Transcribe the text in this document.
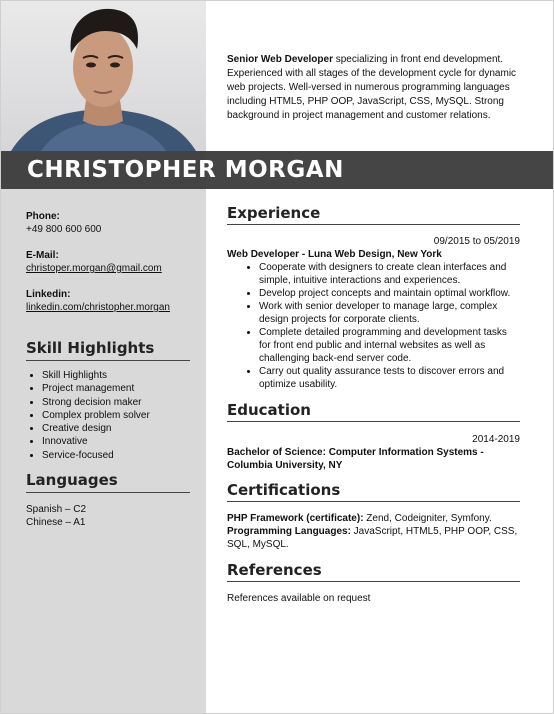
Senior Web Developer specializing in front end development. Experienced with all stages of the development cycle for dynamic web projects. Well-versed in numerous programming languages including HTML5, PHP OOP, JavaScript, CSS, MySQL. Strong background in project management and customer relations.
CHRISTOPHER MORGAN
Phone:
+49 800 600 600
E-Mail:
christoper.morgan@gmail.com
Linkedin:
linkedin.com/christopher.morgan
Skill Highlights
• Skill Highlights
• Project management
• Strong decision maker
• Complex problem solver
• Creative design
• Innovative
• Service-focused
Languages
Spanish – C2
Chinese – A1
Experience
09/2015 to 05/2019
Web Developer - Luna Web Design, New York
• Cooperate with designers to create clean interfaces and simple, intuitive interactions and experiences.
• Develop project concepts and maintain optimal workflow.
• Work with senior developer to manage large, complex design projects for corporate clients.
• Complete detailed programming and development tasks for front end public and internal websites as well as challenging back-end server code.
• Carry out quality assurance tests to discover errors and optimize usability.
Education
2014-2019
Bachelor of Science: Computer Information Systems - Columbia University, NY
Certifications
PHP Framework (certificate): Zend, Codeigniter, Symfony.
Programming Languages: JavaScript, HTML5, PHP OOP, CSS, SQL, MySQL.
References
References available on request
